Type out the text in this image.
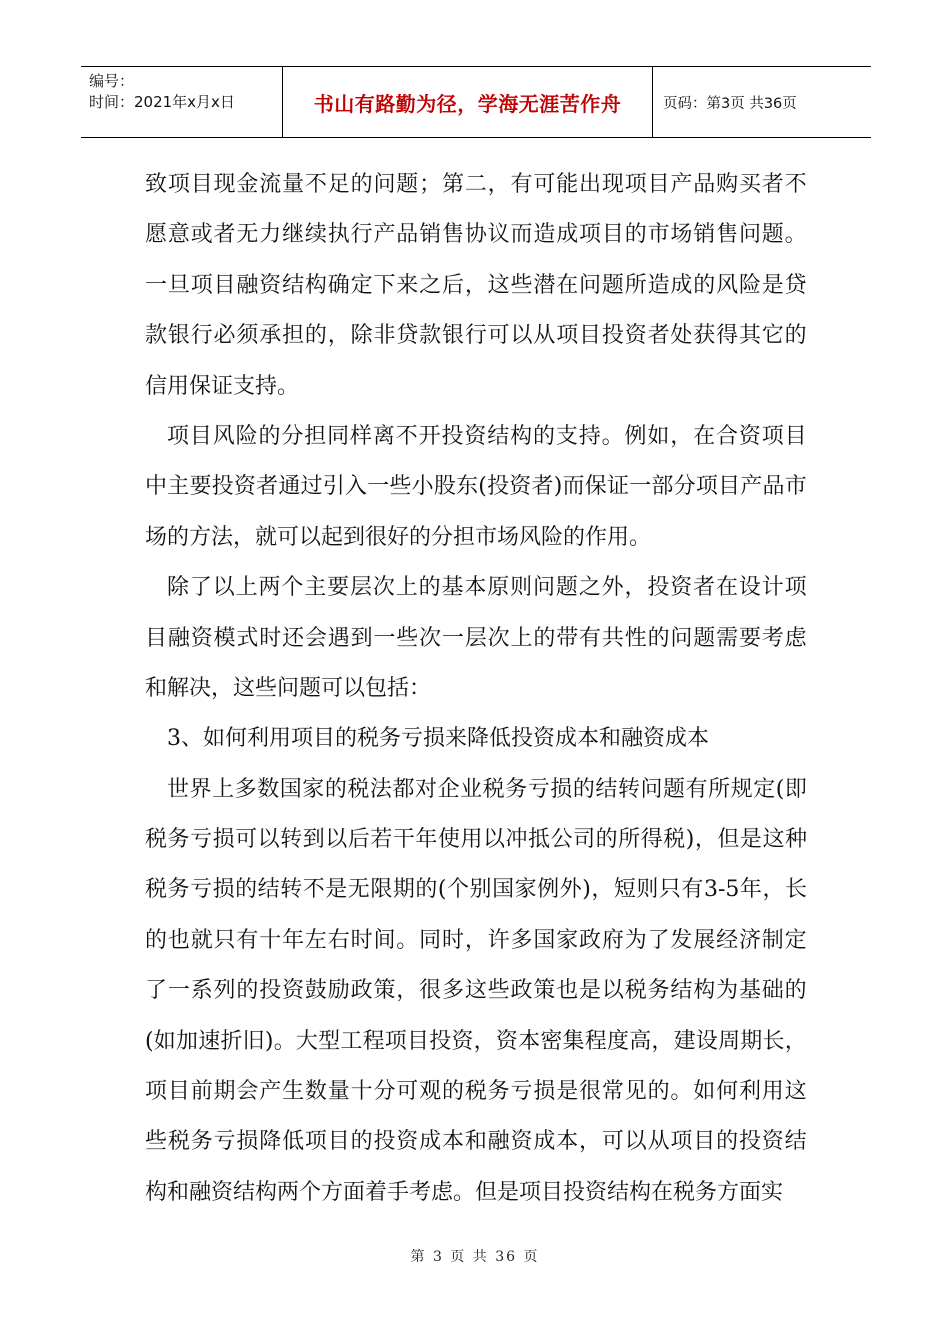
编号：
时间：2021年x月x日	书山有路勤为径，学海无涯苦作舟	页码：第3页 共36页
致 项 目 现 金 流 量 不 足 的 问 题 ； 第 二 ， 有 可 能 出 现 项 目 产 品 购 买 者 不
愿 意 或 者 无 力 继 续 执 行 产 品 销 售 协 议 而 造 成 项 目 的 市 场 销 售 问 题 。
一 旦 项 目 融 资 结 构 确 定 下 来 之 后 ， 这 些 潜 在 问 题 所 造 成 的 风 险 是 贷
款 银 行 必 须 承 担 的 ， 除 非 贷 款 银 行 可 以 从 项 目 投 资 者 处 获 得 其 它 的
信用保证支持。
项 目 风 险 的 分 担 同 样 离 不 开 投 资 结 构 的 支 持 。 例 如 ， 在 合 资 项 目
中 主 要 投 资 者 通 过 引 入 一 些 小 股 东 ( 投 资 者 ) 而 保 证 一 部 分 项 目 产 品 市
场的方法，就可以起到很好的分担市场风险的作用。
除 了 以 上 两 个 主 要 层 次 上 的 基 本 原 则 问 题 之 外 ， 投 资 者 在 设 计 项
目 融 资 模 式 时 还 会 遇 到 一 些 次 一 层 次 上 的 带 有 共 性 的 问 题 需 要 考 虑
和解决，这些问题可以包括：
3、如何利用项目的税务亏损来降低投资成本和融资成本
世 界 上 多 数 国 家 的 税 法 都 对 企 业 税 务 亏 损 的 结 转 问 题 有 所 规 定 ( 即
税 务 亏 损 可 以 转 到 以 后 若 干 年 使 用 以 冲 抵 公 司 的 所 得 税 ) ， 但 是 这 种
税 务 亏 损 的 结 转 不 是 无 限 期 的 ( 个 别 国 家 例 外 ) ， 短 则 只 有 3-5 年 ， 长
的 也 就 只 有 十 年 左 右 时 间 。 同 时 ， 许 多 国 家 政 府 为 了 发 展 经 济 制 定
了 一 系 列 的 投 资 鼓 励 政 策 ， 很 多 这 些 政 策 也 是 以 税 务 结 构 为 基 础 的
( 如 加 速 折 旧 ) 。 大 型 工 程 项 目 投 资 ， 资 本 密 集 程 度 高 ， 建 设 周 期 长 ，
项 目 前 期 会 产 生 数 量 十 分 可 观 的 税 务 亏 损 是 很 常 见 的 。 如 何 利 用 这
些 税 务 亏 损 降 低 项 目 的 投 资 成 本 和 融 资 成 本 ， 可 以 从 项 目 的 投 资 结
构和融资结构两个方面着手考虑。但是项目投资结构在税务方面实
第 3 页 共 36 页
